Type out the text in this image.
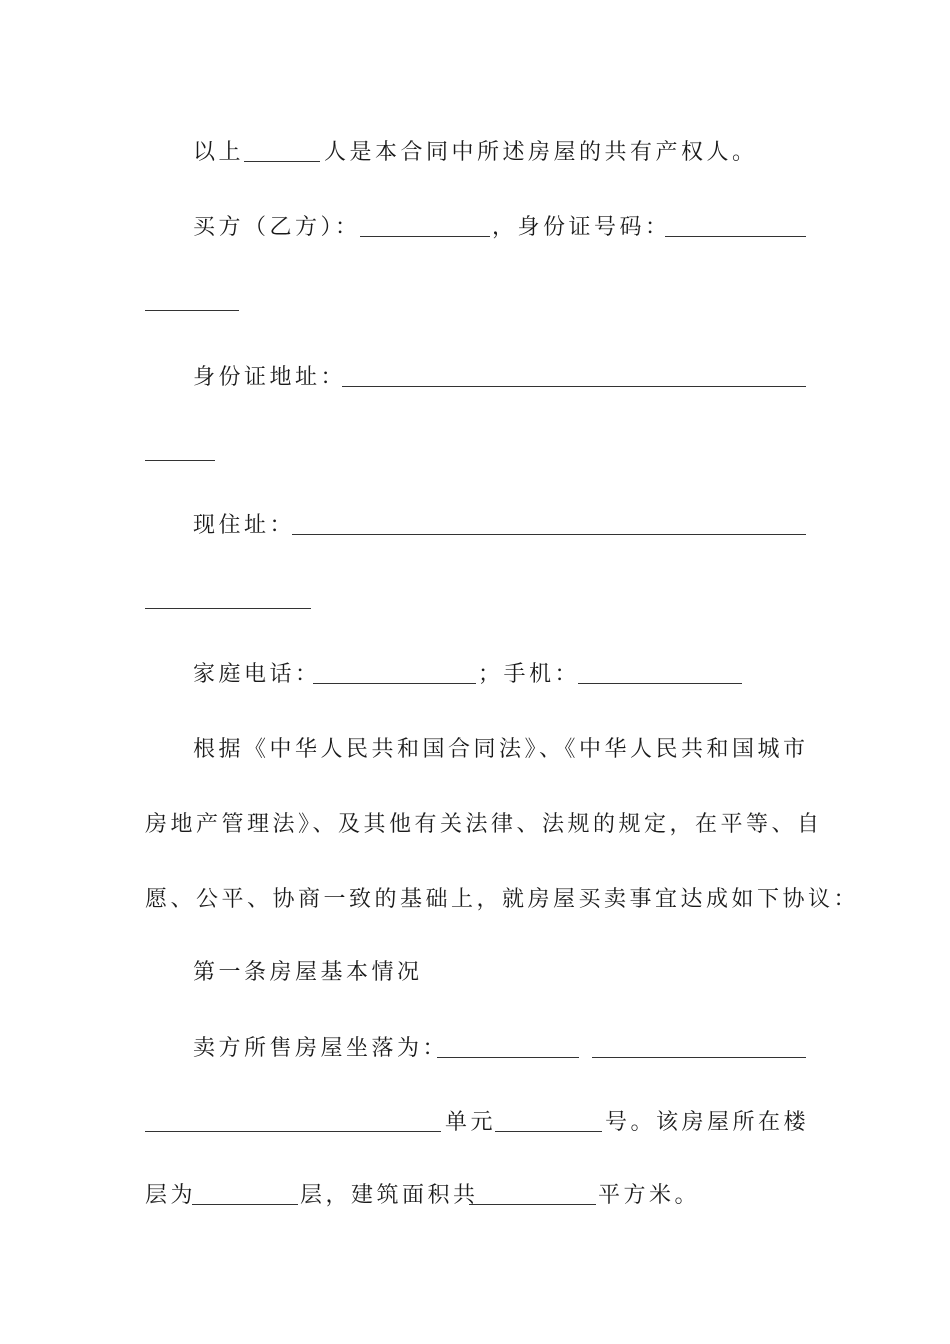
以上	人是本合同中所述房屋的共有产权人。
买方（乙方）：	，身份证号码：
身份证地址：
现住址：
家庭电话：	；手机：
根据《中华人民共和国合同法》、《中华人民共和国城市
房地产管理法》、及其他有关法律、法规的规定，在平等、自
愿、公平、协商一致的基础上，就房屋买卖事宜达成如下协议：
第一条房屋基本情况
卖方所售房屋坐落为：
单元	号。该房屋所在楼
层为	层，建筑面积共	平方米。
